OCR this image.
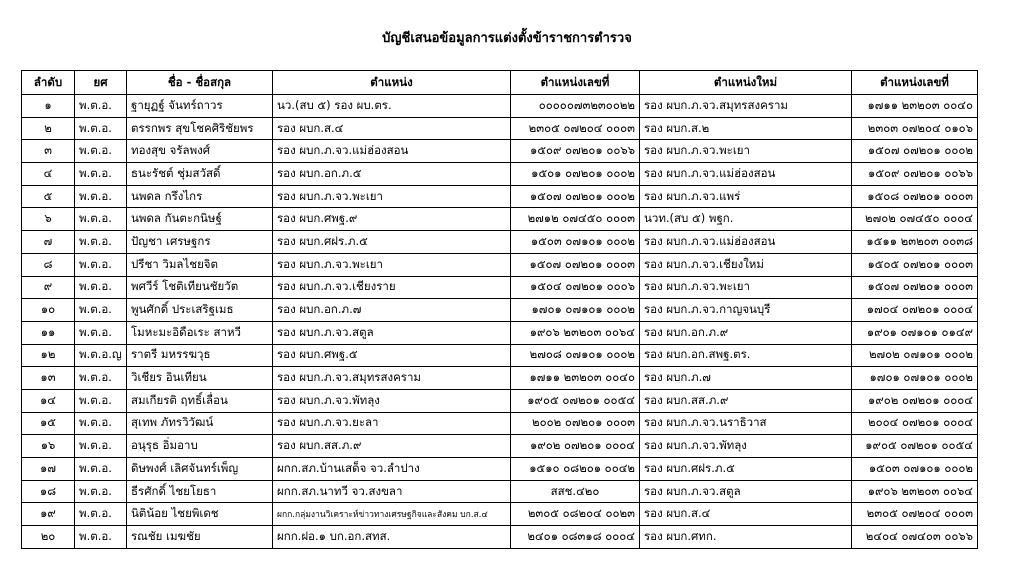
บัญชีเสนอข้อมูลการแต่งตั้งข้าราชการตำรวจ
ลำดับ	ยศ	ชื่อ - ชื่อสกุล	ตำแหน่ง	ตำแหน่งเลขที่	ตำแหน่งใหม่	ตำแหน่งเลขที่
๑	พ.ต.อ.	ฐายุฏฐ์ จันทร์ถาวร	นว.(สบ ๕) รอง ผบ.ตร.	๐๐๐๐๐๗๓๒๓๐๐๒๒	รอง ผบก.ภ.จว.สมุทรสงคราม	๑๗๑๑ ๒๓๒๐๓ ๐๐๔๐
๒	พ.ต.อ.	ตรรกพร สุขโชคศิริชัยพร	รอง ผบก.ส.๔	๒๓๐๕ ๐๗๒๐๔ ๐๐๐๓	รอง ผบก.ส.๒	๒๓๐๓ ๐๗๒๐๔ ๐๑๐๖
๓	พ.ต.อ.	ทองสุข จรัลพงศ์	รอง ผบก.ภ.จว.แม่ฮ่องสอน	๑๕๐๙ ๐๗๒๐๑ ๐๐๖๖	รอง ผบก.ภ.จว.พะเยา	๑๕๐๗ ๐๗๒๐๑ ๐๐๐๒
๔	พ.ต.อ.	ธนะรัชต์ ชุ่มสวัสดิ์	รอง ผบก.อก.ภ.๕	๑๕๐๑ ๐๗๒๐๑ ๐๐๐๒	รอง ผบก.ภ.จว.แม่ฮ่องสอน	๑๕๐๙ ๐๗๒๐๑ ๐๐๖๖
๕	พ.ต.อ.	นพดล กรึงไกร	รอง ผบก.ภ.จว.พะเยา	๑๕๐๗ ๐๗๒๐๑ ๐๐๐๒	รอง ผบก.ภ.จว.แพร่	๑๕๐๘ ๐๗๒๐๑ ๐๐๐๓
๖	พ.ต.อ.	นพดล กันตะกนิษฐ์	รอง ผบก.ศพฐ.๙	๒๗๑๒ ๐๗๔๕๐ ๐๐๐๓	นวท.(สบ ๕) พฐก.	๒๗๐๒ ๐๗๔๕๐ ๐๐๐๔
๗	พ.ต.อ.	ปัญชา เศรษฐกร	รอง ผบก.ศฝร.ภ.๕	๑๕๐๓ ๐๗๑๐๑ ๐๐๐๒	รอง ผบก.ภ.จว.แม่ฮ่องสอน	๑๕๑๑ ๒๓๒๐๓ ๐๐๓๘
๘	พ.ต.อ.	ปรีชา วิมลไชยจิต	รอง ผบก.ภ.จว.พะเยา	๑๕๐๗ ๐๗๒๐๑ ๐๐๐๓	รอง ผบก.ภ.จว.เชียงใหม่	๑๕๐๕ ๐๗๒๐๑ ๐๐๐๓
๙	พ.ต.อ.	พศวีร์ โชติเทียนชัยวัต	รอง ผบก.ภ.จว.เชียงราย	๑๕๐๔ ๐๗๒๐๑ ๐๐๐๖	รอง ผบก.ภ.จว.พะเยา	๑๕๐๗ ๐๗๒๐๑ ๐๐๐๓
๑๐	พ.ต.อ.	พูนศักดิ์ ประเสริฐเมธ	รอง ผบก.อก.ภ.๗	๑๗๐๑ ๐๗๑๐๑ ๐๐๐๒	รอง ผบก.ภ.จว.กาญจนบุรี	๑๗๐๔ ๐๗๒๐๑ ๐๐๐๔
๑๑	พ.ต.อ.	โมหะมะอิดือเระ สาหวี	รอง ผบก.ภ.จว.สตูล	๑๙๐๖ ๒๓๒๐๓ ๐๐๖๔	รอง ผบก.อก.ภ.๙	๑๙๐๑ ๐๗๑๐๑ ๐๑๔๙
๑๒	พ.ต.อ.ญ	ราตรี มหรรฆวุธ	รอง ผบก.ศพฐ.๕	๒๗๐๘ ๐๗๑๐๑ ๐๐๐๒	รอง ผบก.อก.สพฐ.ตร.	๒๗๐๒ ๐๗๑๐๑ ๐๐๐๒
๑๓	พ.ต.อ.	วิเชียร อินเทียน	รอง ผบก.ภ.จว.สมุทรสงคราม	๑๗๑๑ ๒๓๒๐๓ ๐๐๔๐	รอง ผบก.ภ.๗	๑๗๐๑ ๐๗๑๐๑ ๐๐๐๒
๑๔	พ.ต.อ.	สมเกียรติ ฤทธิ์เลื่อน	รอง ผบก.ภ.จว.พัทลุง	๑๙๐๕ ๐๗๒๐๑ ๐๐๕๔	รอง ผบก.สส.ภ.๙	๑๙๐๒ ๐๗๒๐๑ ๐๐๐๔
๑๕	พ.ต.อ.	สุเทพ ภัทรวิวัฒน์	รอง ผบก.ภ.จว.ยะลา	๒๐๐๒ ๐๗๒๐๑ ๐๐๐๓	รอง ผบก.ภ.จว.นราธิวาส	๒๐๐๔ ๐๗๒๐๑ ๐๐๐๔
๑๖	พ.ต.อ.	อนุรุธ อิ่มอาบ	รอง ผบก.สส.ภ.๙	๑๙๐๒ ๐๗๒๐๑ ๐๐๐๔	รอง ผบก.ภ.จว.พัทลุง	๑๙๐๕ ๐๗๒๐๑ ๐๐๕๔
๑๗	พ.ต.อ.	ดิษพงศ์ เลิศจันทร์เพ็ญ	ผกก.สภ.บ้านเสด็จ จว.ลำปาง	๑๕๑๐ ๐๘๒๐๑ ๐๐๔๒	รอง ผบก.ศฝร.ภ.๕	๑๕๐๓ ๐๗๑๐๑ ๐๐๐๒
๑๘	พ.ต.อ.	ธีรศักดิ์ ไชยโยธา	ผกก.สภ.นาทวี จว.สงขลา	สสช.๔๒๐	รอง ผบก.ภ.จว.สตูล	๑๙๐๖ ๒๓๒๐๓ ๐๐๖๔
๑๙	พ.ต.อ.	นิติน้อย ไชยพิเดช	ผกก.กลุ่มงานวิเคราะห์ข่าวทางเศรษฐกิจและสังคม บก.ส.๔	๒๓๐๕ ๐๘๒๐๔ ๐๐๒๓	รอง ผบก.ส.๔	๒๓๐๕ ๐๗๒๐๔ ๐๐๐๓
๒๐	พ.ต.อ.	รณชัย เมฆชัย	ผกก.ฝอ.๑ บก.อก.สทส.	๒๔๐๑ ๐๘๓๑๘ ๐๐๐๔	รอง ผบก.ศทก.	๒๔๐๔ ๐๗๔๐๓ ๐๐๖๖
